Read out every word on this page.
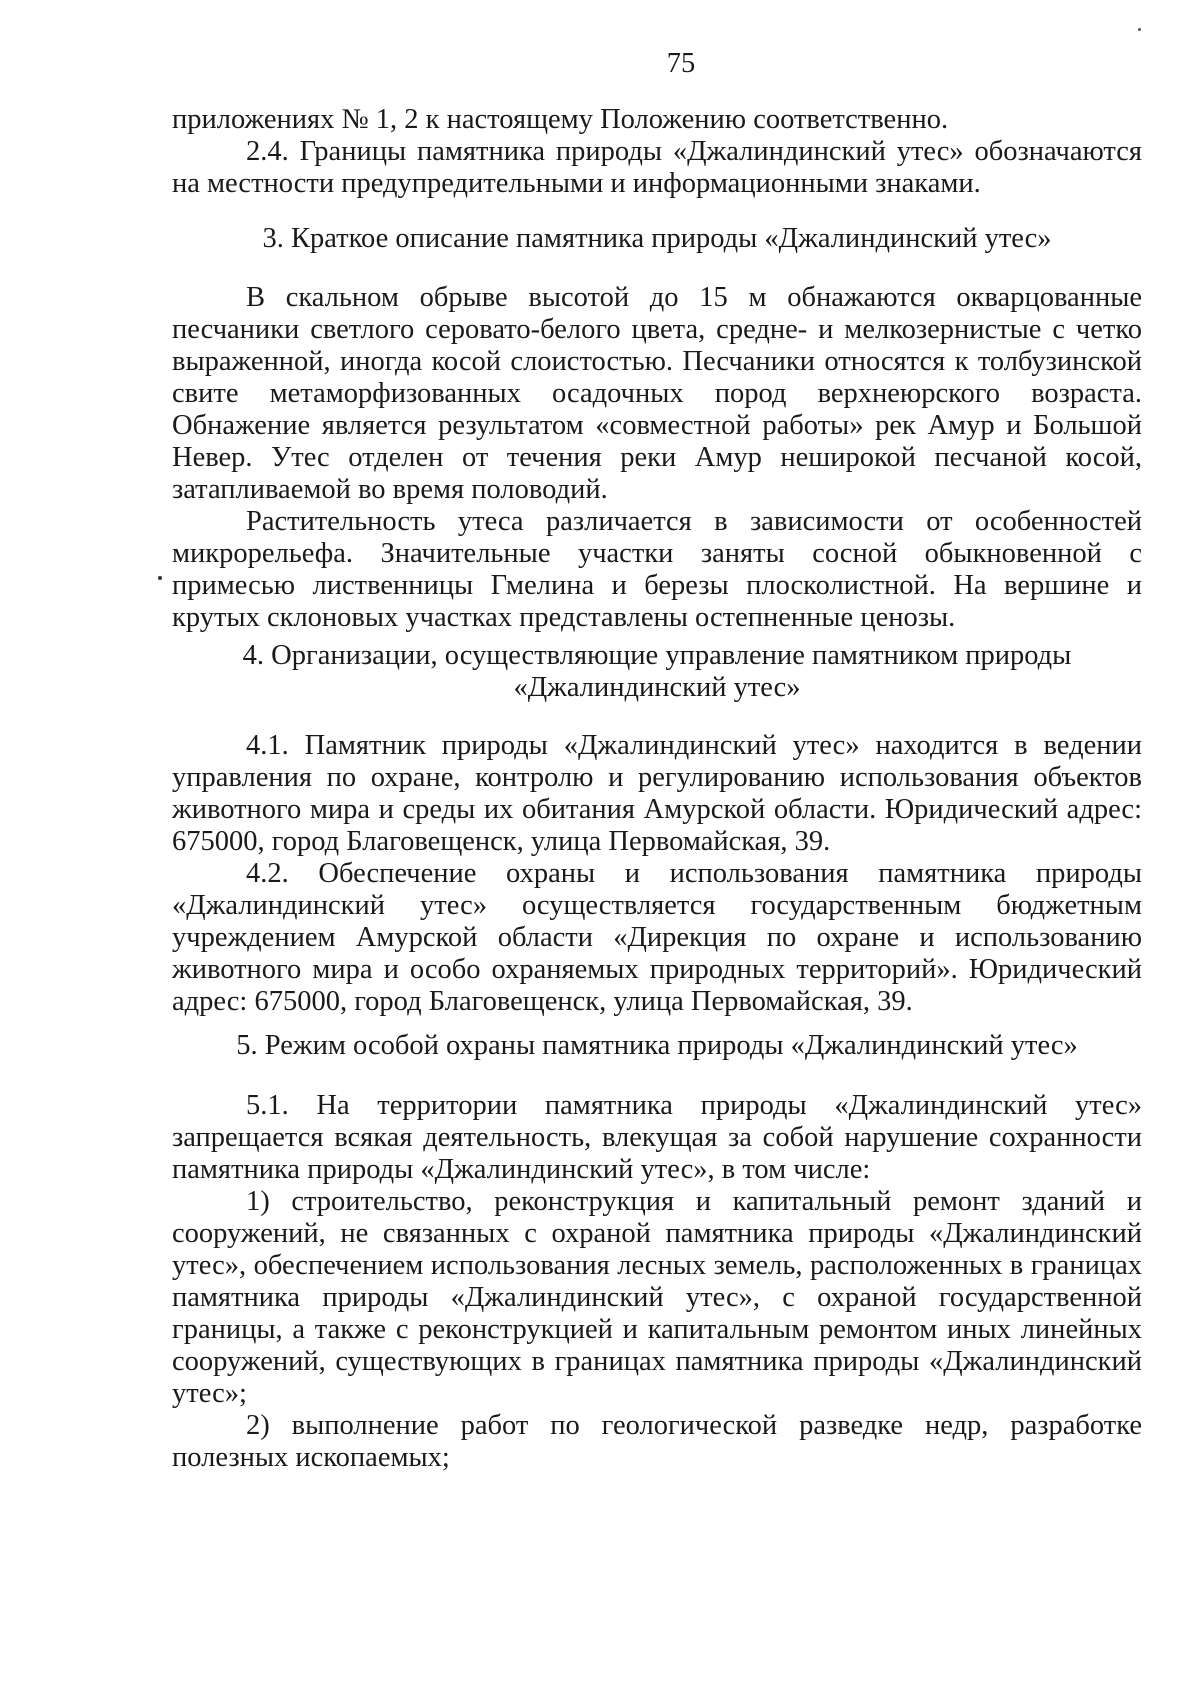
75

приложениях № 1, 2 к настоящему Положению соответственно.

2.4. Границы памятника природы «Джалиндинский утес» обозначаются на местности предупредительными и информационными знаками.

3. Краткое описание памятника природы «Джалиндинский утес»

В скальном обрыве высотой до 15 м обнажаются окварцованные песчаники светлого серовато-белого цвета, средне- и мелкозернистые с четко выраженной, иногда косой слоистостью. Песчаники относятся к толбузинской свите метаморфизованных осадочных пород верхнеюрского возраста. Обнажение является результатом «совместной работы» рек Амур и Большой Невер. Утес отделен от течения реки Амур неширокой песчаной косой, затапливаемой во время половодий.

Растительность утеса различается в зависимости от особенностей микрорельефа. Значительные участки заняты сосной обыкновенной с примесью лиственницы Гмелина и березы плосколистной. На вершине и крутых склоновых участках представлены остепненные ценозы.

4. Организации, осуществляющие управление памятником природы

«Джалиндинский утес»

4.1. Памятник природы «Джалиндинский утес» находится в ведении управления по охране, контролю и регулированию использования объектов животного мира и среды их обитания Амурской области. Юридический адрес: 675000, город Благовещенск, улица Первомайская, 39.

4.2. Обеспечение охраны и использования памятника природы «Джалиндинский утес» осуществляется государственным бюджетным учреждением Амурской области «Дирекция по охране и использованию животного мира и особо охраняемых природных территорий». Юридический адрес: 675000, город Благовещенск, улица Первомайская, 39.

5. Режим особой охраны памятника природы «Джалиндинский утес»

5.1. На территории памятника природы «Джалиндинский утес» запрещается всякая деятельность, влекущая за собой нарушение сохранности памятника природы «Джалиндинский утес», в том числе:

1) строительство, реконструкция и капитальный ремонт зданий и сооружений, не связанных с охраной памятника природы «Джалиндинский утес», обеспечением использования лесных земель, расположенных в границах памятника природы «Джалиндинский утес», с охраной государственной границы, а также с реконструкцией и капитальным ремонтом иных линейных сооружений, существующих в границах памятника природы «Джалиндинский утес»;

2) выполнение работ по геологической разведке недр, разработке полезных ископаемых;
